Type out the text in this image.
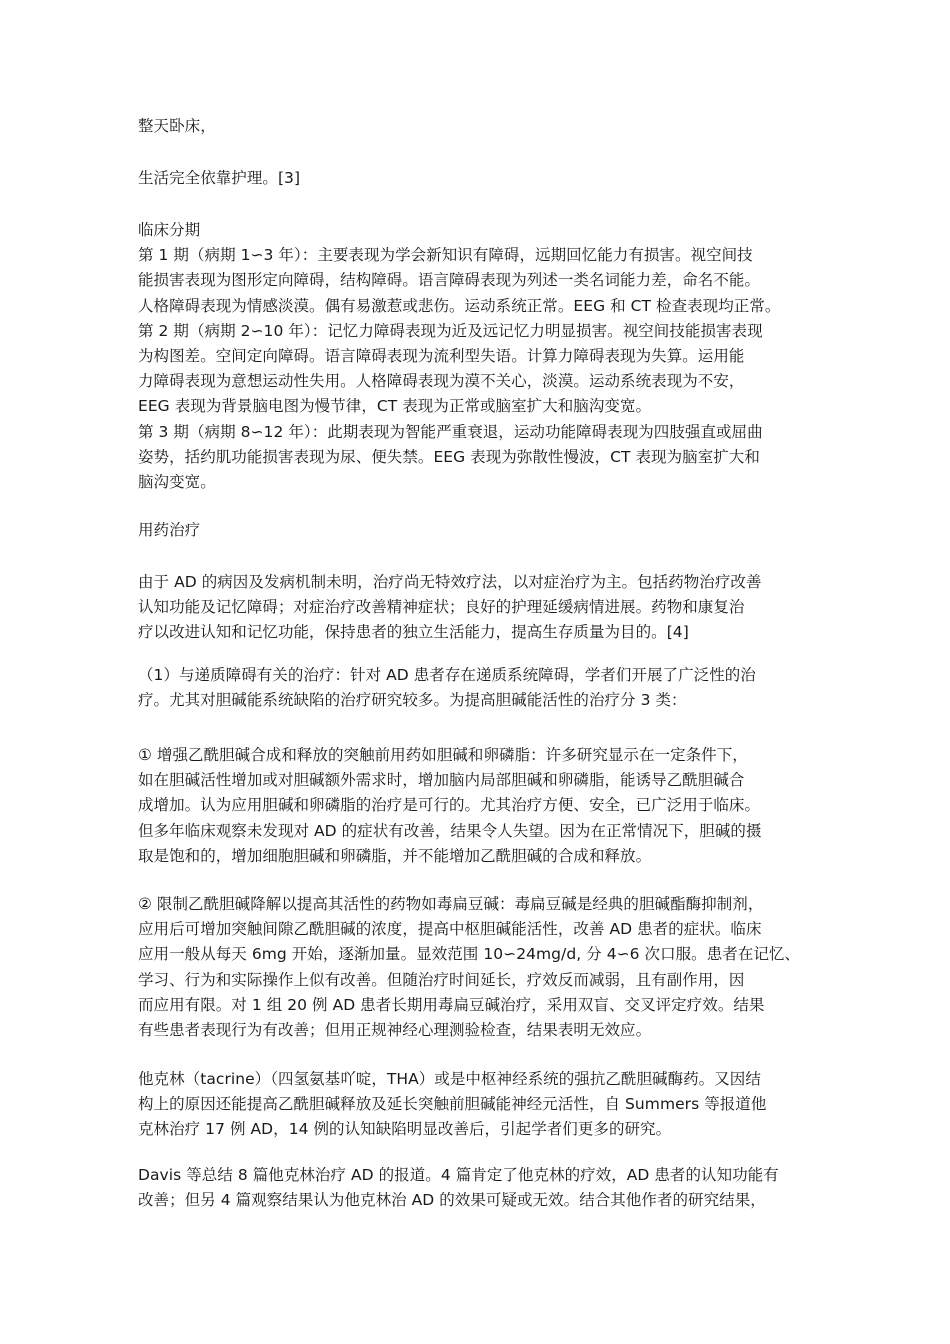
整天卧床，

生活完全依靠护理。[3]

临床分期
第 1 期（病期 1∽3 年）：主要表现为学会新知识有障碍，远期回忆能力有损害。视空间技
能损害表现为图形定向障碍，结构障碍。语言障碍表现为列述一类名词能力差，命名不能。
人格障碍表现为情感淡漠。偶有易激惹或悲伤。运动系统正常。EEG 和 CT 检查表现均正常。
第 2 期（病期 2∽10 年）：记忆力障碍表现为近及远记忆力明显损害。视空间技能损害表现
为构图差。空间定向障碍。语言障碍表现为流利型失语。计算力障碍表现为失算。运用能
力障碍表现为意想运动性失用。人格障碍表现为漠不关心，淡漠。运动系统表现为不安，
EEG 表现为背景脑电图为慢节律，CT 表现为正常或脑室扩大和脑沟变宽。
第 3 期（病期 8∽12 年）：此期表现为智能严重衰退，运动功能障碍表现为四肢强直或屈曲
姿势，括约肌功能损害表现为尿、便失禁。EEG 表现为弥散性慢波，CT 表现为脑室扩大和
脑沟变宽。

用药治疗

由于 AD 的病因及发病机制未明，治疗尚无特效疗法，以对症治疗为主。包括药物治疗改善
认知功能及记忆障碍；对症治疗改善精神症状；良好的护理延缓病情进展。药物和康复治
疗以改进认知和记忆功能，保持患者的独立生活能力，提高生存质量为目的。[4]

（1）与递质障碍有关的治疗：针对 AD 患者存在递质系统障碍，学者们开展了广泛性的治
疗。尤其对胆碱能系统缺陷的治疗研究较多。为提高胆碱能活性的治疗分 3 类：

① 增强乙酰胆碱合成和释放的突触前用药如胆碱和卵磷脂：许多研究显示在一定条件下，
如在胆碱活性增加或对胆碱额外需求时，增加脑内局部胆碱和卵磷脂，能诱导乙酰胆碱合
成增加。认为应用胆碱和卵磷脂的治疗是可行的。尤其治疗方便、安全，已广泛用于临床。
但多年临床观察未发现对 AD 的症状有改善，结果令人失望。因为在正常情况下，胆碱的摄
取是饱和的，增加细胞胆碱和卵磷脂，并不能增加乙酰胆碱的合成和释放。

② 限制乙酰胆碱降解以提高其活性的药物如毒扁豆碱：毒扁豆碱是经典的胆碱酯酶抑制剂，
应用后可增加突触间隙乙酰胆碱的浓度，提高中枢胆碱能活性，改善 AD 患者的症状。临床
应用一般从每天 6mg 开始，逐渐加量。显效范围 10∽24mg/d, 分 4∽6 次口服。患者在记忆、
学习、行为和实际操作上似有改善。但随治疗时间延长，疗效反而减弱，且有副作用，因
而应用有限。对 1 组 20 例 AD 患者长期用毒扁豆碱治疗，采用双盲、交叉评定疗效。结果
有些患者表现行为有改善；但用正规神经心理测验检查，结果表明无效应。

他克林（tacrine）（四氢氨基吖啶，THA）或是中枢神经系统的强抗乙酰胆碱酶药。又因结
构上的原因还能提高乙酰胆碱释放及延长突触前胆碱能神经元活性，自 Summers 等报道他
克林治疗 17 例 AD，14 例的认知缺陷明显改善后，引起学者们更多的研究。

Davis 等总结 8 篇他克林治疗 AD 的报道。4 篇肯定了他克林的疗效，AD 患者的认知功能有
改善；但另 4 篇观察结果认为他克林治 AD 的效果可疑或无效。结合其他作者的研究结果，
